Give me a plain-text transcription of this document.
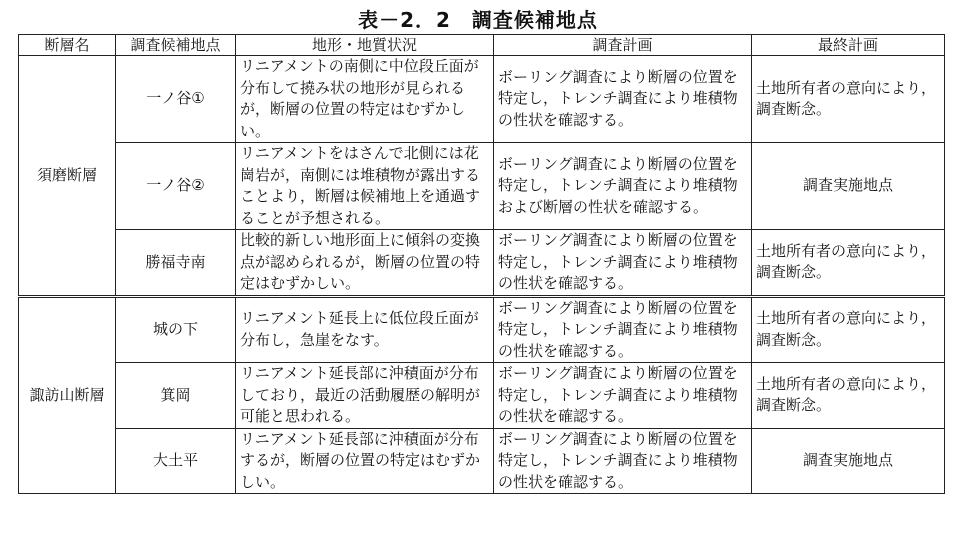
表－2．2　調査候補地点
断層名	調査候補地点	地形・地質状況	調査計画	最終計画
須磨断層	一ノ谷①	リニアメントの南側に中位段丘面が分布して撓み状の地形が見られるが，断層の位置の特定はむずかしい。	ボーリング調査により断層の位置を特定し，トレンチ調査により堆積物の性状を確認する。	土地所有者の意向により，調査断念。
	一ノ谷②	リニアメントをはさんで北側には花崗岩が，南側には堆積物が露出することより，断層は候補地上を通過することが予想される。	ボーリング調査により断層の位置を特定し，トレンチ調査により堆積物および断層の性状を確認する。	調査実施地点
	勝福寺南	比較的新しい地形面上に傾斜の変換点が認められるが，断層の位置の特定はむずかしい。	ボーリング調査により断層の位置を特定し，トレンチ調査により堆積物の性状を確認する。	土地所有者の意向により，調査断念。
諏訪山断層	城の下	リニアメント延長上に低位段丘面が分布し，急崖をなす。	ボーリング調査により断層の位置を特定し，トレンチ調査により堆積物の性状を確認する。	土地所有者の意向により，調査断念。
	箕岡	リニアメント延長部に沖積面が分布しており，最近の活動履歴の解明が可能と思われる。	ボーリング調査により断層の位置を特定し，トレンチ調査により堆積物の性状を確認する。	土地所有者の意向により，調査断念。
	大土平	リニアメント延長部に沖積面が分布するが，断層の位置の特定はむずかしい。	ボーリング調査により断層の位置を特定し，トレンチ調査により堆積物の性状を確認する。	調査実施地点
